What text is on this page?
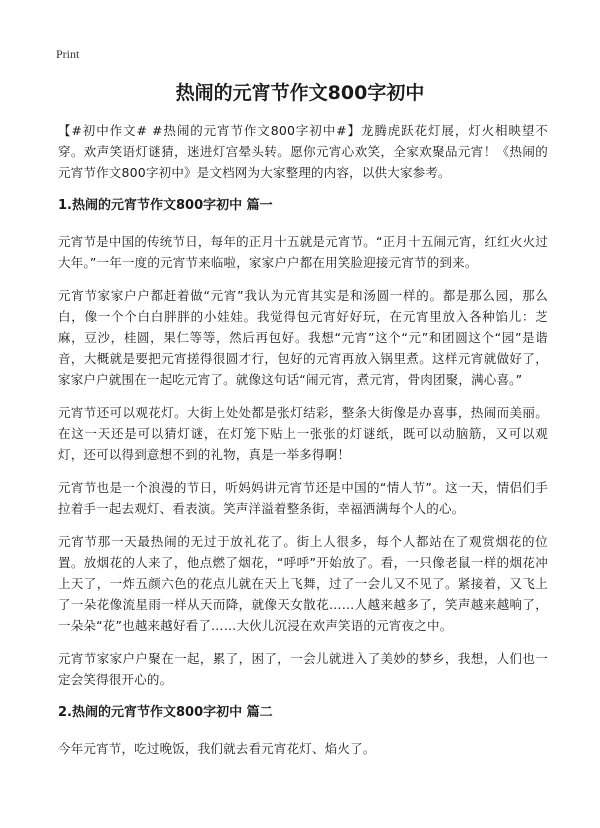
Print
热闹的元宵节作文800字初中

【#初中作文# #热闹的元宵节作文800字初中#】龙腾虎跃花灯展，灯火相映望不穿。欢声笑语灯谜猜，迷进灯宫晕头转。愿你元宵心欢笑，全家欢聚品元宵！《热闹的元宵节作文800字初中》是文档网为大家整理的内容，以供大家参考。

1.热闹的元宵节作文800字初中 篇一

元宵节是中国的传统节日，每年的正月十五就是元宵节。“正月十五闹元宵，红红火火过大年。”一年一度的元宵节来临啦，家家户户都在用笑脸迎接元宵节的到来。

元宵节家家户户都赶着做“元宵”我认为元宵其实是和汤圆一样的。都是那么园，那么白，像一个个白白胖胖的小娃娃。我觉得包元宵好好玩，在元宵里放入各种馅儿：芝麻，豆沙，桂圆，果仁等等，然后再包好。我想“元宵”这个“元”和团圆这个“园”是谐音，大概就是要把元宵搓得很圆才行，包好的元宵再放入锅里煮。这样元宵就做好了，家家户户就围在一起吃元宵了。就像这句话“闹元宵，煮元宵，骨肉团聚，满心喜。”

元宵节还可以观花灯。大街上处处都是张灯结彩，整条大街像是办喜事，热闹而美丽。在这一天还是可以猜灯谜，在灯笼下贴上一张张的灯谜纸，既可以动脑筋，又可以观灯，还可以得到意想不到的礼物，真是一举多得啊！

元宵节也是一个浪漫的节日，听妈妈讲元宵节还是中国的“情人节”。这一天，情侣们手拉着手一起去观灯、看表演。笑声洋溢着整条街，幸福洒满每个人的心。

元宵节那一天最热闹的无过于放礼花了。街上人很多，每个人都站在了观赏烟花的位置。放烟花的人来了，他点燃了烟花，“呼呼”开始放了。看，一只像老鼠一样的烟花冲上天了，一炸五颜六色的花点儿就在天上飞舞，过了一会儿又不见了。紧接着，又飞上了一朵花像流星雨一样从天而降，就像天女散花……人越来越多了，笑声越来越响了，一朵朵“花”也越来越好看了……大伙儿沉浸在欢声笑语的元宵夜之中。

元宵节家家户户聚在一起，累了，困了，一会儿就进入了美妙的梦乡，我想，人们也一定会笑得很开心的。

2.热闹的元宵节作文800字初中 篇二

今年元宵节，吃过晚饭，我们就去看元宵花灯、焰火了。
